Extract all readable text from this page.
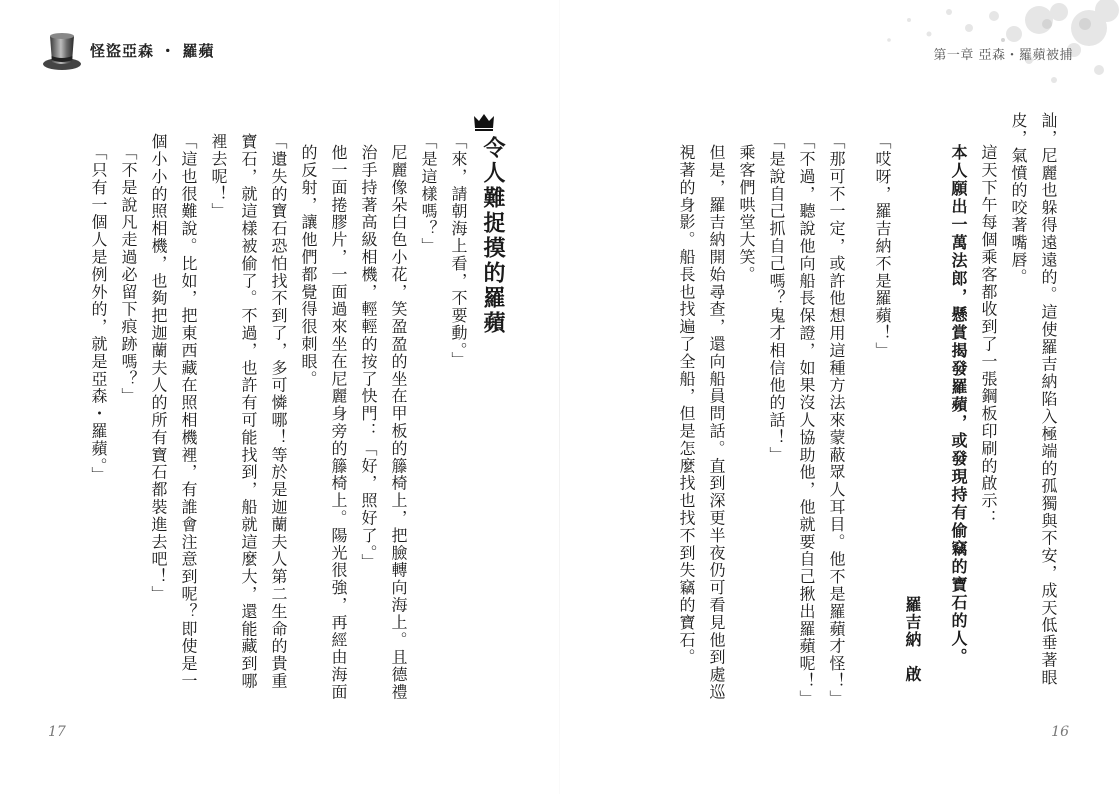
怪盜亞森 ・ 羅蘋	第一章 亞森・羅蘋被捕

訕，尼麗也躲得遠遠的。這使羅吉納陷入極端的孤獨與不安，成天低垂著眼皮，氣憤的咬著嘴唇。

這天下午每個乘客都收到了一張鋼板印刷的啟示：

本人願出一萬法郎，懸賞揭發羅蘋，或發現持有偷竊的寶石的人。

羅吉納　啟

「哎呀，羅吉納不是羅蘋！」

「那可不一定，或許他想用這種方法來蒙蔽眾人耳目。他不是羅蘋才怪！」

「不過，聽說他向船長保證，如果沒人協助他，他就要自己揪出羅蘋呢！」

「是說自己抓自己嗎？鬼才相信他的話！」

乘客們哄堂大笑。

但是，羅吉納開始尋查，還向船員問話。直到深更半夜仍可看見他到處巡視著的身影。船長也找遍了全船，但是怎麼找也找不到失竊的寶石。

令人難捉摸的羅蘋

「來，請朝海上看，不要動。」

「是這樣嗎？」

尼麗像朵白色小花，笑盈盈的坐在甲板的籐椅上，把臉轉向海上。且德禮治手持著高級相機，輕輕的按了快門：「好，照好了。」

他一面捲膠片，一面過來坐在尼麗身旁的籐椅上。陽光很強，再經由海面的反射，讓他們都覺得很刺眼。

「遺失的寶石恐怕找不到了，多可憐哪！等於是迦蘭夫人第二生命的貴重寶石，就這樣被偷了。不過，也許有可能找到，船就這麼大，還能藏到哪裡去呢！」

「這也很難說。比如，把東西藏在照相機裡，有誰會注意到呢？即使是一個小小的照相機，也夠把迦蘭夫人的所有寶石都裝進去吧！」

「不是說凡走過必留下痕跡嗎？」

「只有一個人是例外的，就是亞森・羅蘋。」

17	16
